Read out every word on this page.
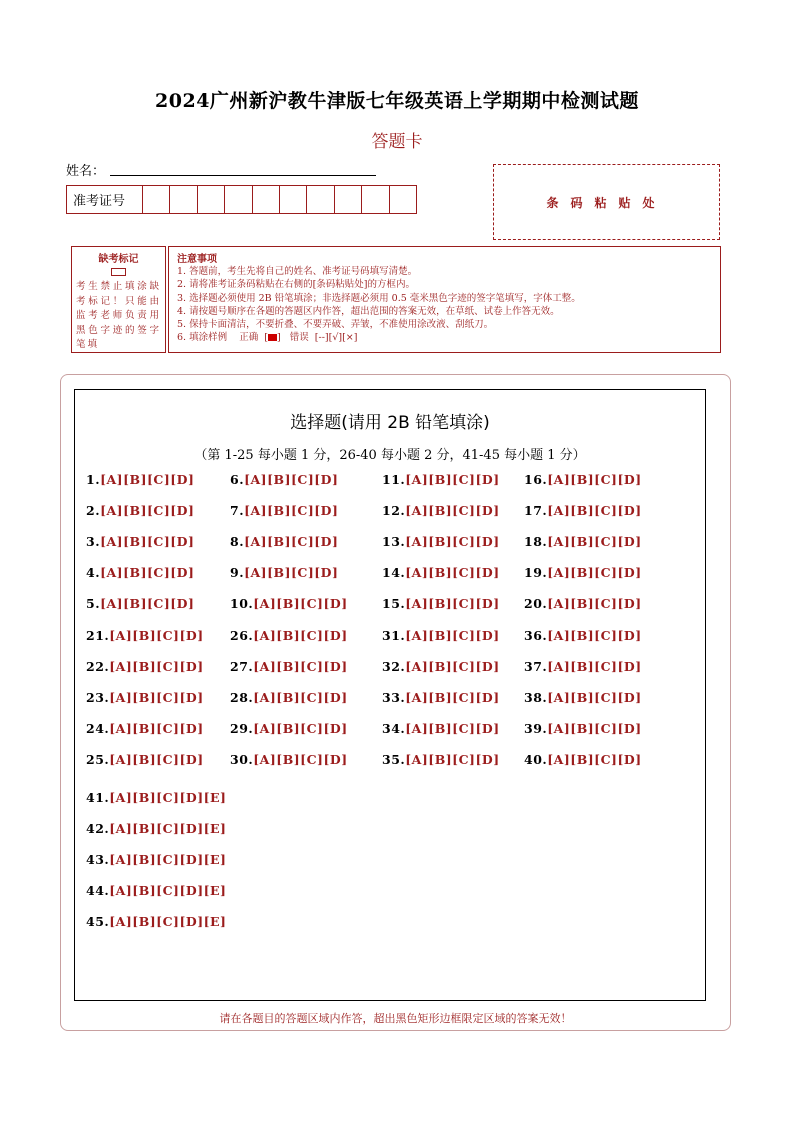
2024广州新沪教牛津版七年级英语上学期期中检测试题
答题卡
姓名：
准考证号	条码粘贴处
缺考标记
考生禁止填涂缺考标记！只能由监考老师负责用黑色字迹的签字笔填
注意事项
1. 答题前，考生先将自己的姓名、准考证号码填写清楚。
2. 请将准考证条码粘贴在右侧的[条码粘贴处]的方框内。
3. 选择题必须使用 2B 铅笔填涂；非选择题必须用 0.5 毫米黑色字迹的签字笔填写，字体工整。
4. 请按题号顺序在各题的答题区内作答，超出范围的答案无效，在草纸、试卷上作答无效。
5. 保持卡面清洁，不要折叠、不要弄破、弄皱，不准使用涂改液、刮纸刀。
6. 填涂样例 正确  [ ]   错误 [--][√][×]
选择题(请用 2B 铅笔填涂)
（第 1-25 每小题 1 分，26-40 每小题 2 分，41-45 每小题 1 分）
1.[A][B][C][D]	6.[A][B][C][D]	11.[A][B][C][D] 16.[A][B][C][D]
2.[A][B][C][D]	7.[A][B][C][D]	12.[A][B][C][D] 17.[A][B][C][D]
3.[A][B][C][D]	8.[A][B][C][D]	13.[A][B][C][D] 18.[A][B][C][D]
4.[A][B][C][D]	9.[A][B][C][D]	14.[A][B][C][D] 19.[A][B][C][D]
5.[A][B][C][D]	10.[A][B][C][D]	15.[A][B][C][D] 20.[A][B][C][D]
21.[A][B][C][D] 26.[A][B][C][D]	31.[A][B][C][D] 36.[A][B][C][D]
22.[A][B][C][D] 27.[A][B][C][D]	32.[A][B][C][D] 37.[A][B][C][D]
23.[A][B][C][D] 28.[A][B][C][D]	33.[A][B][C][D] 38.[A][B][C][D]
24.[A][B][C][D] 29.[A][B][C][D]	34.[A][B][C][D] 39.[A][B][C][D]
25.[A][B][C][D] 30.[A][B][C][D]	35.[A][B][C][D] 40.[A][B][C][D]
41.[A][B][C][D][E]
42.[A][B][C][D][E]
43.[A][B][C][D][E]
44.[A][B][C][D][E]
45.[A][B][C][D][E]
请在各题目的答题区域内作答，超出黑色矩形边框限定区域的答案无效！
